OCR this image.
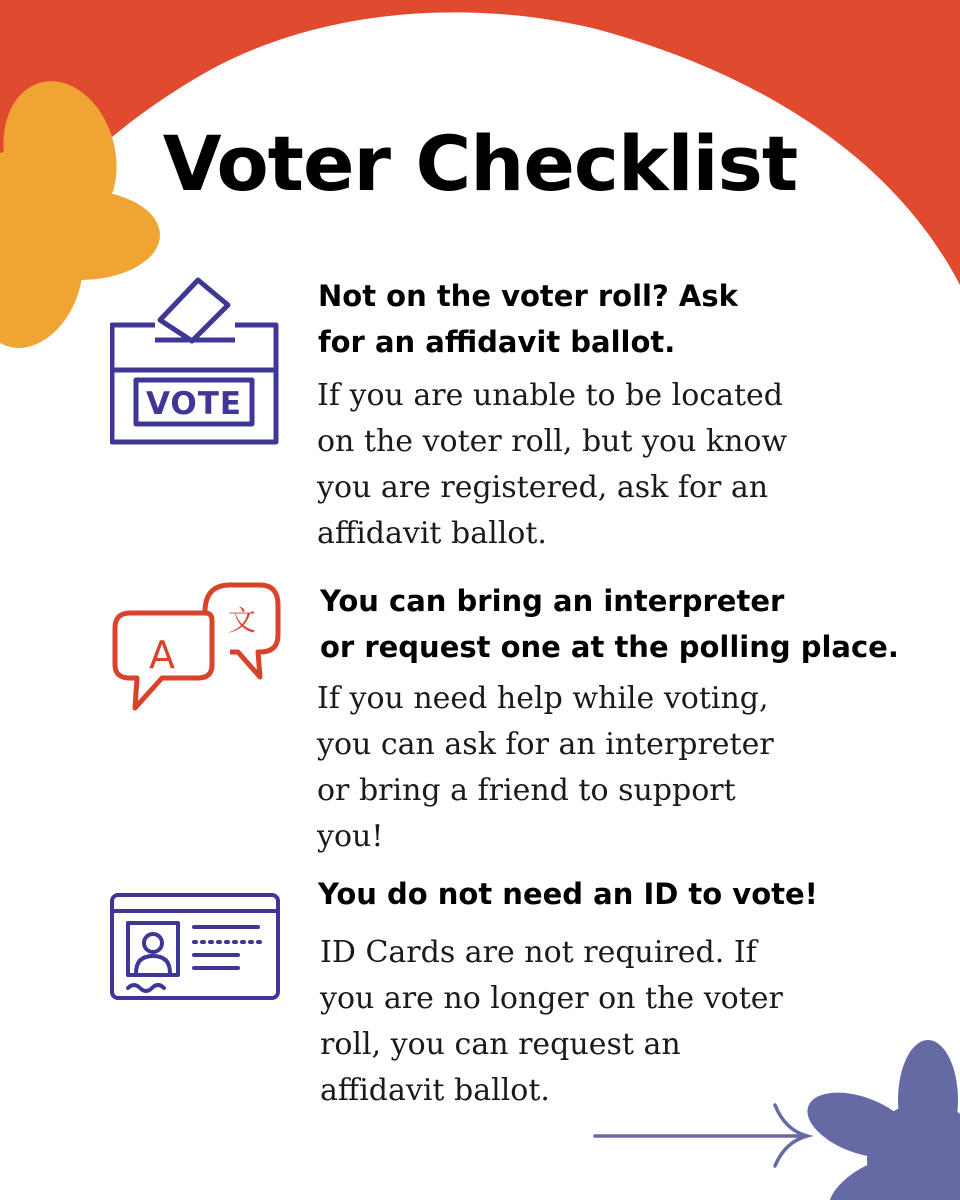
Voter Checklist
VOTE
Not on the voter roll? Ask
for an affidavit ballot.

If you are unable to be located
on the voter roll, but you know
you are registered, ask for an
affidavit ballot.

A
文
You can bring an interpreter
or request one at the polling place.

If you need help while voting,
you can ask for an interpreter
or bring a friend to support
you!

You do not need an ID to vote!

ID Cards are not required. If
you are no longer on the voter
roll, you can request an
affidavit ballot.
